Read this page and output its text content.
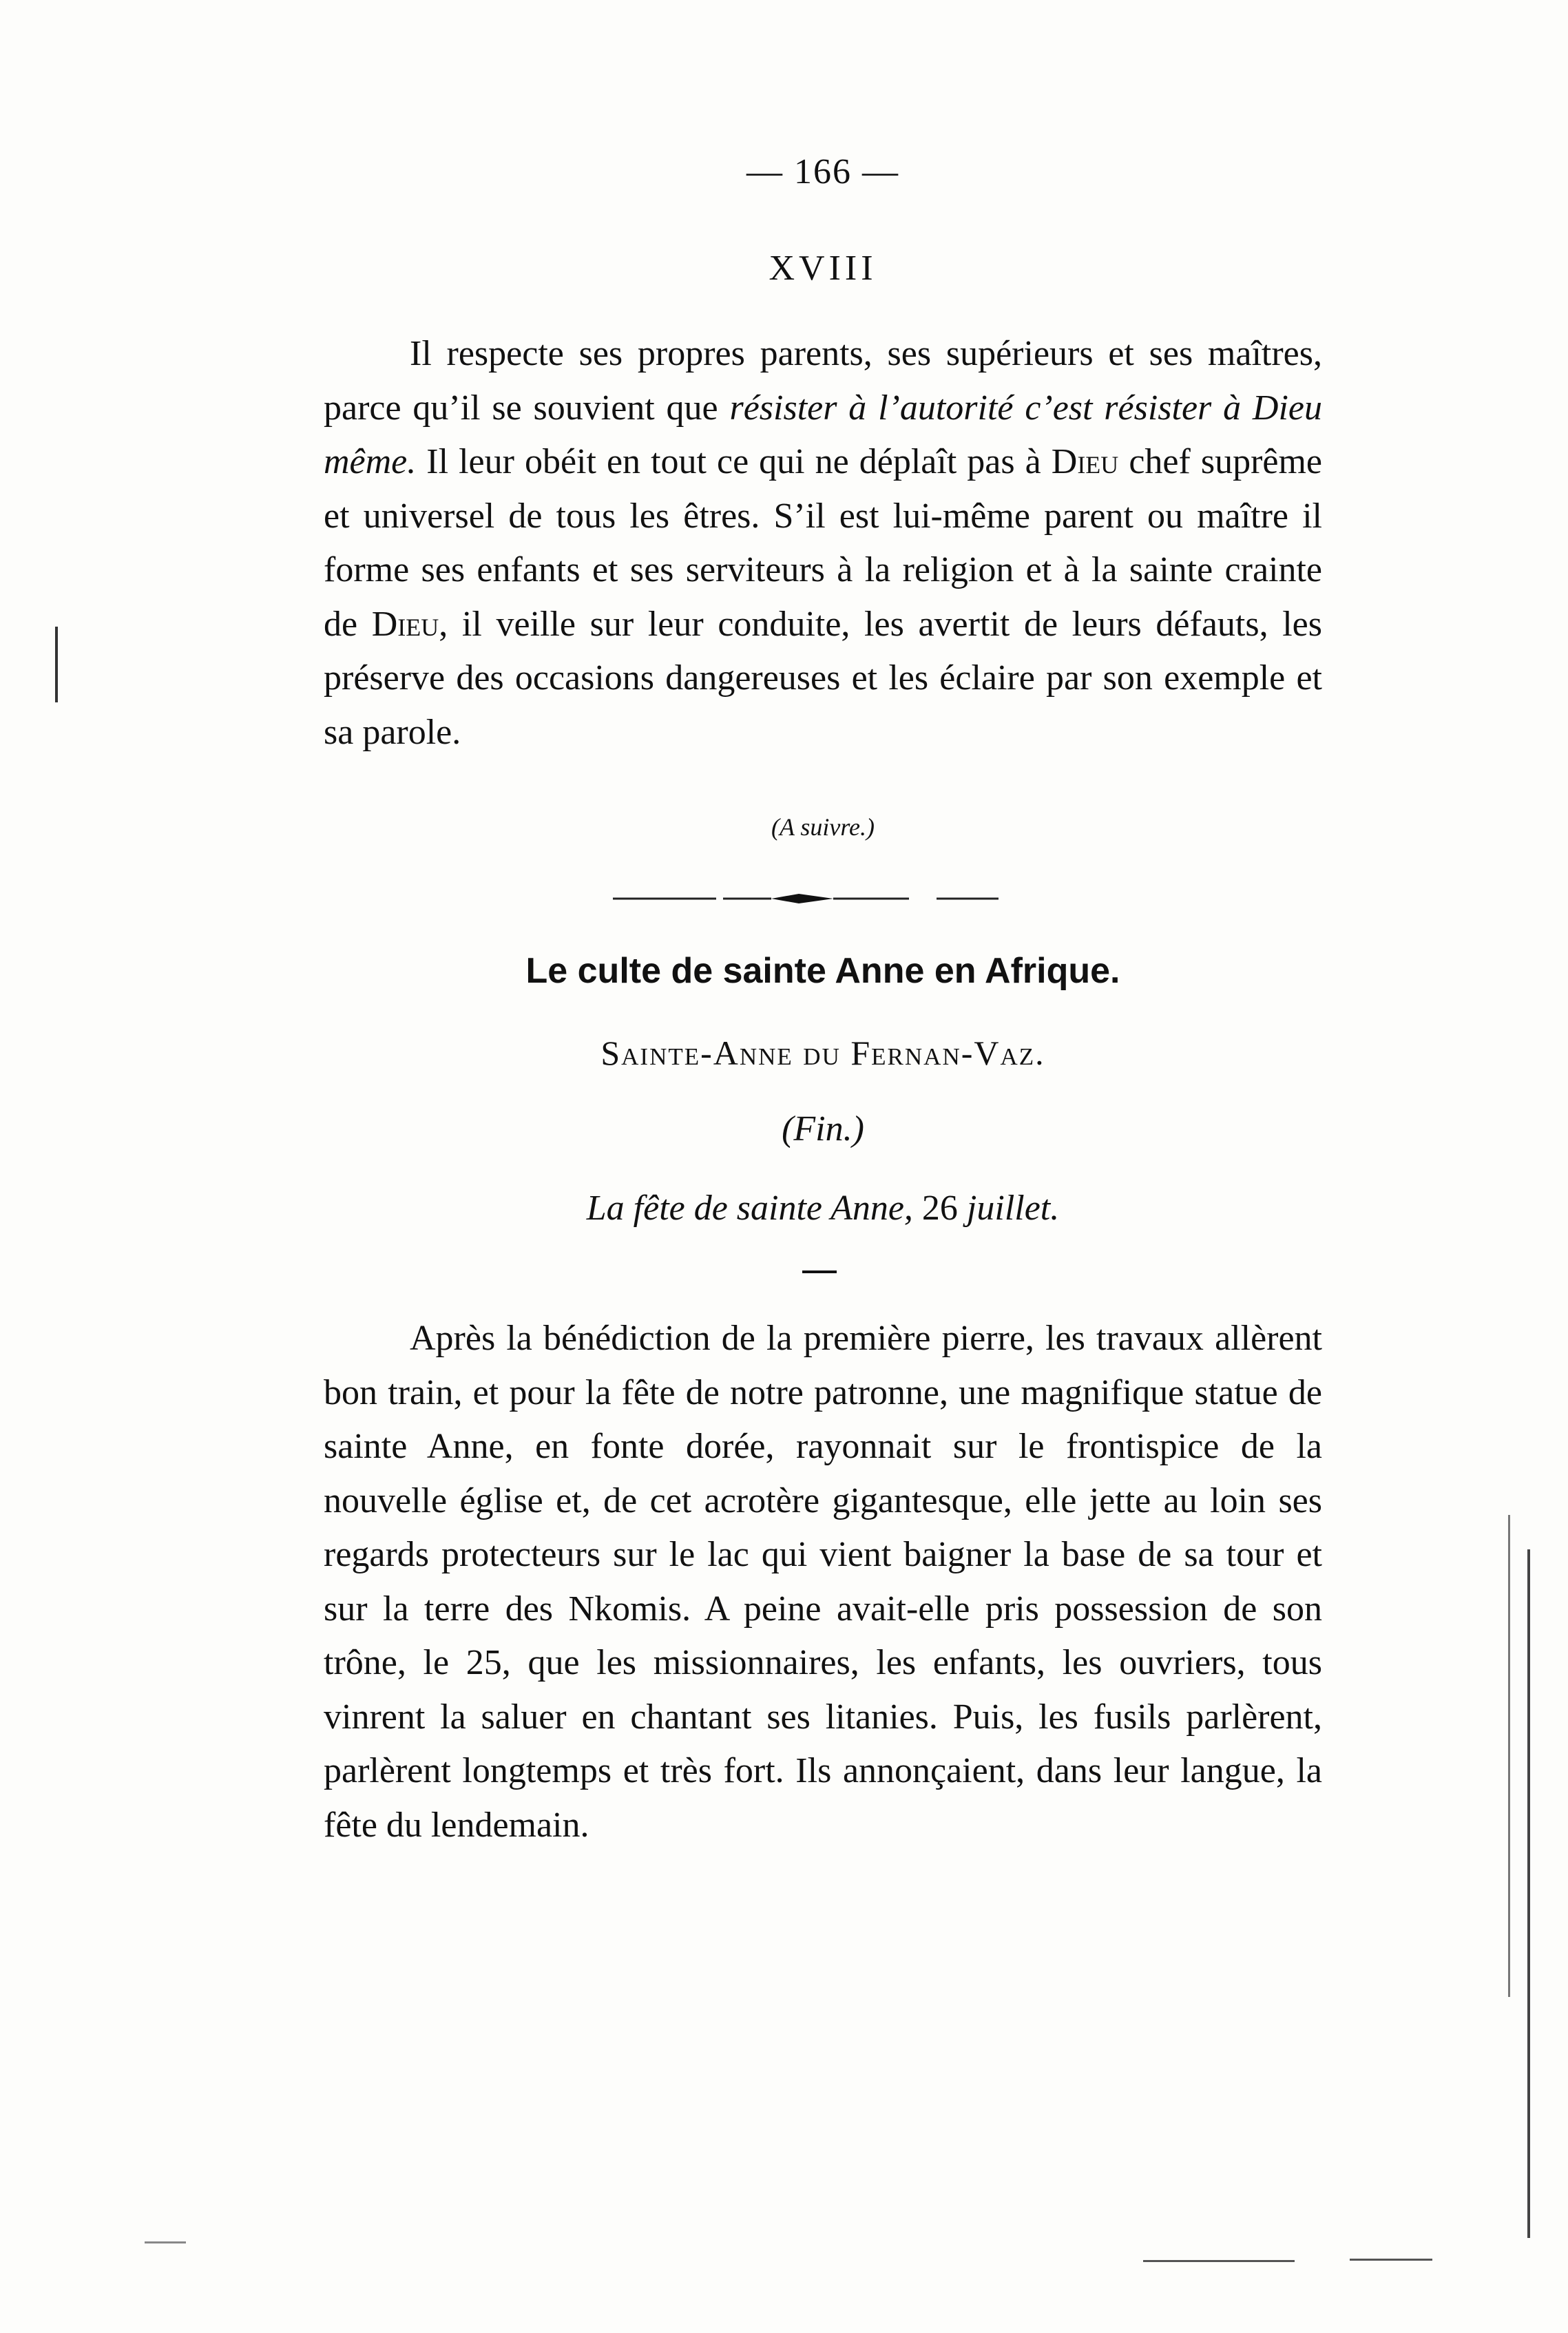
— 166 —
XVIII
(A suivre.)
Le culte de sainte Anne en Afrique.
Sainte-Anne du Fernan-Vaz.
(Fin.)
La fête de sainte Anne, 26 juillet.

Il respecte ses propres parents, ses supérieurs et ses maîtres, parce qu’il se souvient que résister à l’autorité c’est résister à Dieu même. Il leur obéit en tout ce qui ne déplaît pas à Dieu chef suprême et universel de tous les êtres. S’il est lui-même parent ou maître il forme ses enfants et ses serviteurs à la religion et à la sainte crainte de Dieu, il veille sur leur conduite, les avertit de leurs défauts, les préserve des occasions dangereuses et les éclaire par son exemple et sa parole.

Après la bénédiction de la première pierre, les travaux allèrent bon train, et pour la fête de notre patronne, une magnifique statue de sainte Anne, en fonte dorée, rayonnait sur le frontispice de la nouvelle église et, de cet acrotère gigantesque, elle jette au loin ses regards protecteurs sur le lac qui vient baigner la base de sa tour et sur la terre des Nkomis. A peine avait-elle pris possession de son trône, le 25, que les missionnaires, les enfants, les ouvriers, tous vinrent la saluer en chantant ses litanies. Puis, les fusils parlèrent, parlèrent longtemps et très fort. Ils annonçaient, dans leur langue, la fête du lendemain.
